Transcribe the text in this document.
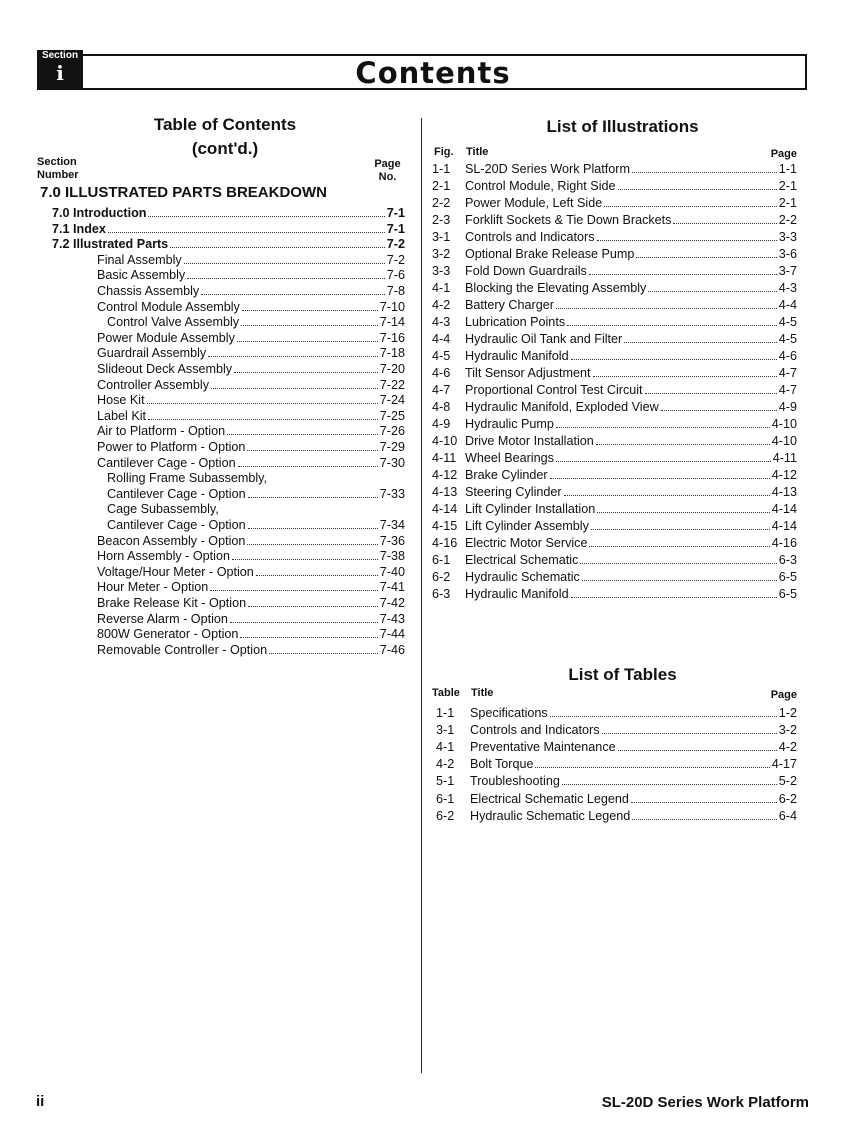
Section
i	Contents
Table of Contents
(cont'd.)
Section
Number
Page
No.
7.0 ILLUSTRATED PARTS BREAKDOWN
7.0 Introduction	7-1
7.1 Index	7-1
7.2 Illustrated Parts	7-2
Final Assembly	7-2
Basic Assembly	7-6
Chassis Assembly	7-8
Control Module Assembly	7-10
Control Valve Assembly	7-14
Power Module Assembly	7-16
Guardrail Assembly	7-18
Slideout Deck Assembly	7-20
Controller Assembly	7-22
Hose Kit	7-24
Label Kit	7-25
Air to Platform - Option	7-26
Power to Platform - Option	7-29
Cantilever Cage - Option	7-30
Rolling Frame Subassembly,
Cantilever Cage - Option	7-33
Cage Subassembly,
Cantilever Cage - Option	7-34
Beacon Assembly - Option	7-36
Horn Assembly - Option	7-38
Voltage/Hour Meter - Option	7-40
Hour Meter - Option	7-41
Brake Release Kit - Option	7-42
Reverse Alarm - Option	7-43
800W Generator - Option	7-44
Removable Controller - Option	7-46
List of Illustrations
Fig. Title	Page
1-1 SL-20D Series Work Platform	1-1
2-1 Control Module, Right Side	2-1
2-2 Power Module, Left Side	2-1
2-3 Forklift Sockets & Tie Down Brackets	2-2
3-1 Controls and Indicators	3-3
3-2 Optional Brake Release Pump	3-6
3-3 Fold Down Guardrails	3-7
4-1 Blocking the Elevating Assembly	4-3
4-2 Battery Charger	4-4
4-3 Lubrication Points	4-5
4-4 Hydraulic Oil Tank and Filter	4-5
4-5 Hydraulic Manifold	4-6
4-6 Tilt Sensor Adjustment	4-7
4-7 Proportional Control Test Circuit	4-7
4-8 Hydraulic Manifold, Exploded View	4-9
4-9 Hydraulic Pump	4-10
4-10 Drive Motor Installation	4-10
4-11 Wheel Bearings	4-11
4-12 Brake Cylinder	4-12
4-13 Steering Cylinder	4-13
4-14 Lift Cylinder Installation	4-14
4-15 Lift Cylinder Assembly	4-14
4-16 Electric Motor Service	4-16
6-1 Electrical Schematic	6-3
6-2 Hydraulic Schematic	6-5
6-3 Hydraulic Manifold	6-5
List of Tables
Table Title	Page
1-1 Specifications	1-2
3-1 Controls and Indicators	3-2
4-1 Preventative Maintenance	4-2
4-2 Bolt Torque	4-17
5-1 Troubleshooting	5-2
6-1 Electrical Schematic Legend	6-2
6-2 Hydraulic Schematic Legend	6-4
ii	SL-20D Series Work Platform
